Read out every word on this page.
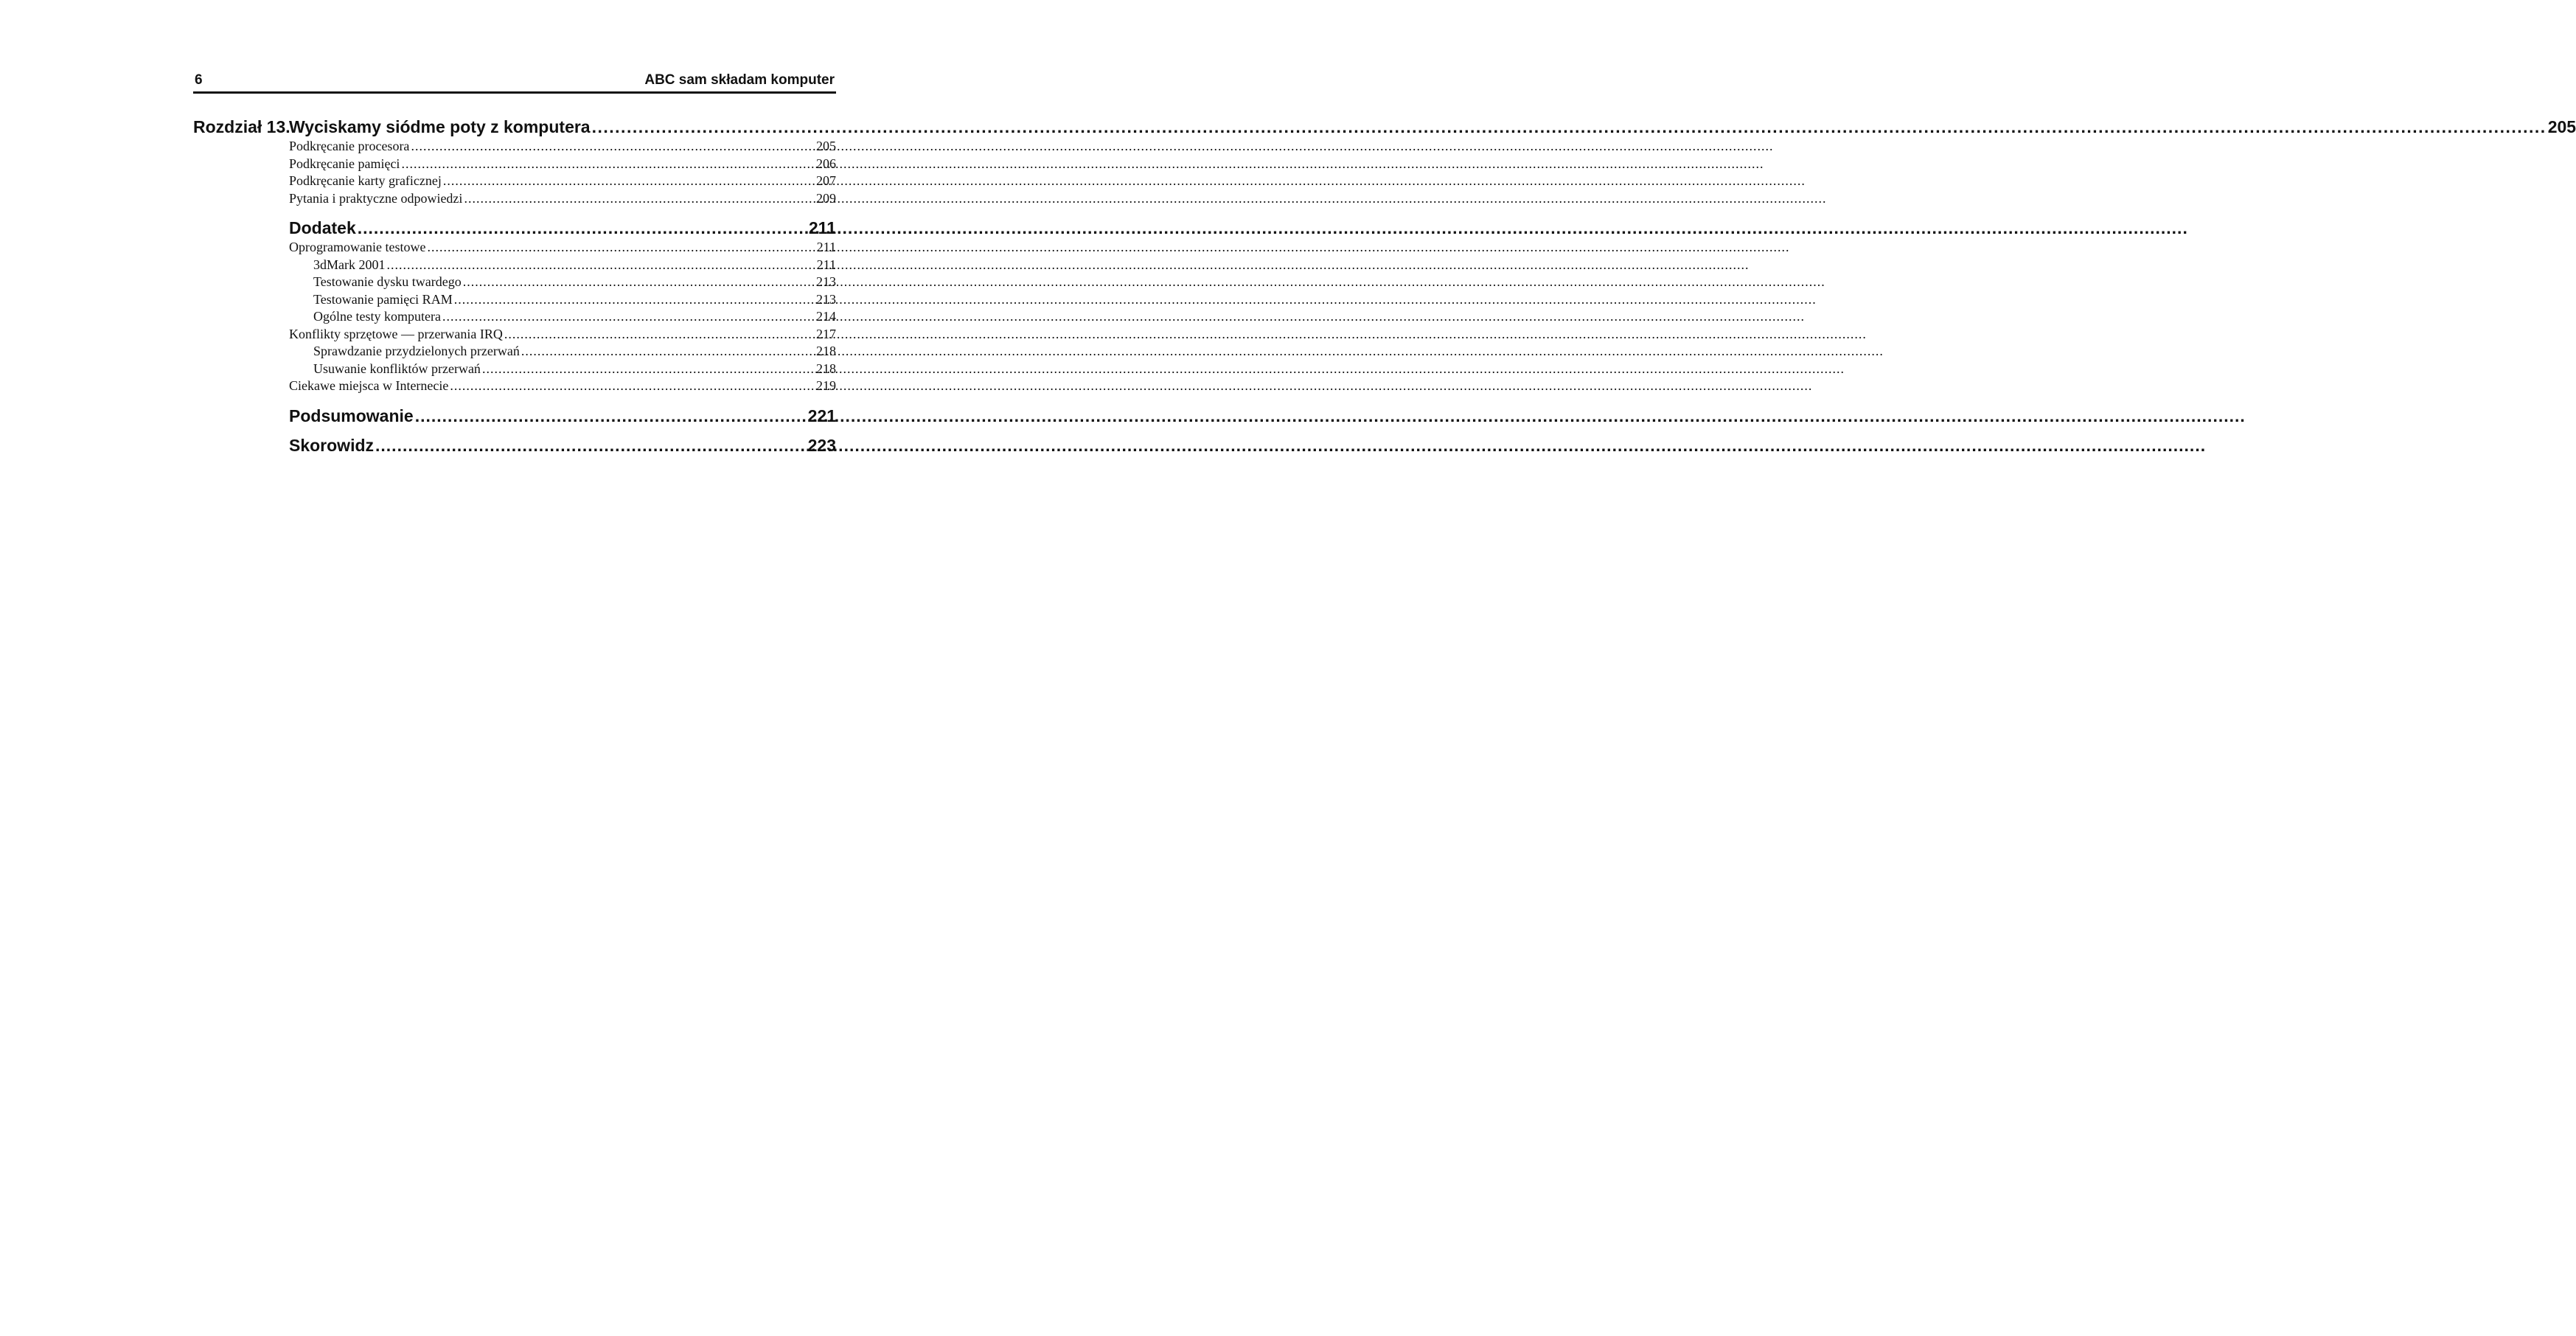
6	ABC sam składam komputer
Rozdział 13.
Wyciskamy siódme poty z komputera .....	205
Podkręcanie procesora .....	205
Podkręcanie pamięci .....	206
Podkręcanie karty graficznej .....	207
Pytania i praktyczne odpowiedzi .....	209
Dodatek .....	211
Oprogramowanie testowe .....	211
3dMark 2001 .....	211
Testowanie dysku twardego .....	213
Testowanie pamięci RAM .....	213
Ogólne testy komputera .....	214
Konflikty sprzętowe — przerwania IRQ .....	217
Sprawdzanie przydzielonych przerwań .....	218
Usuwanie konfliktów przerwań .....	218
Ciekawe miejsca w Internecie .....	219
Podsumowanie .....	221
Skorowidz .....	223
